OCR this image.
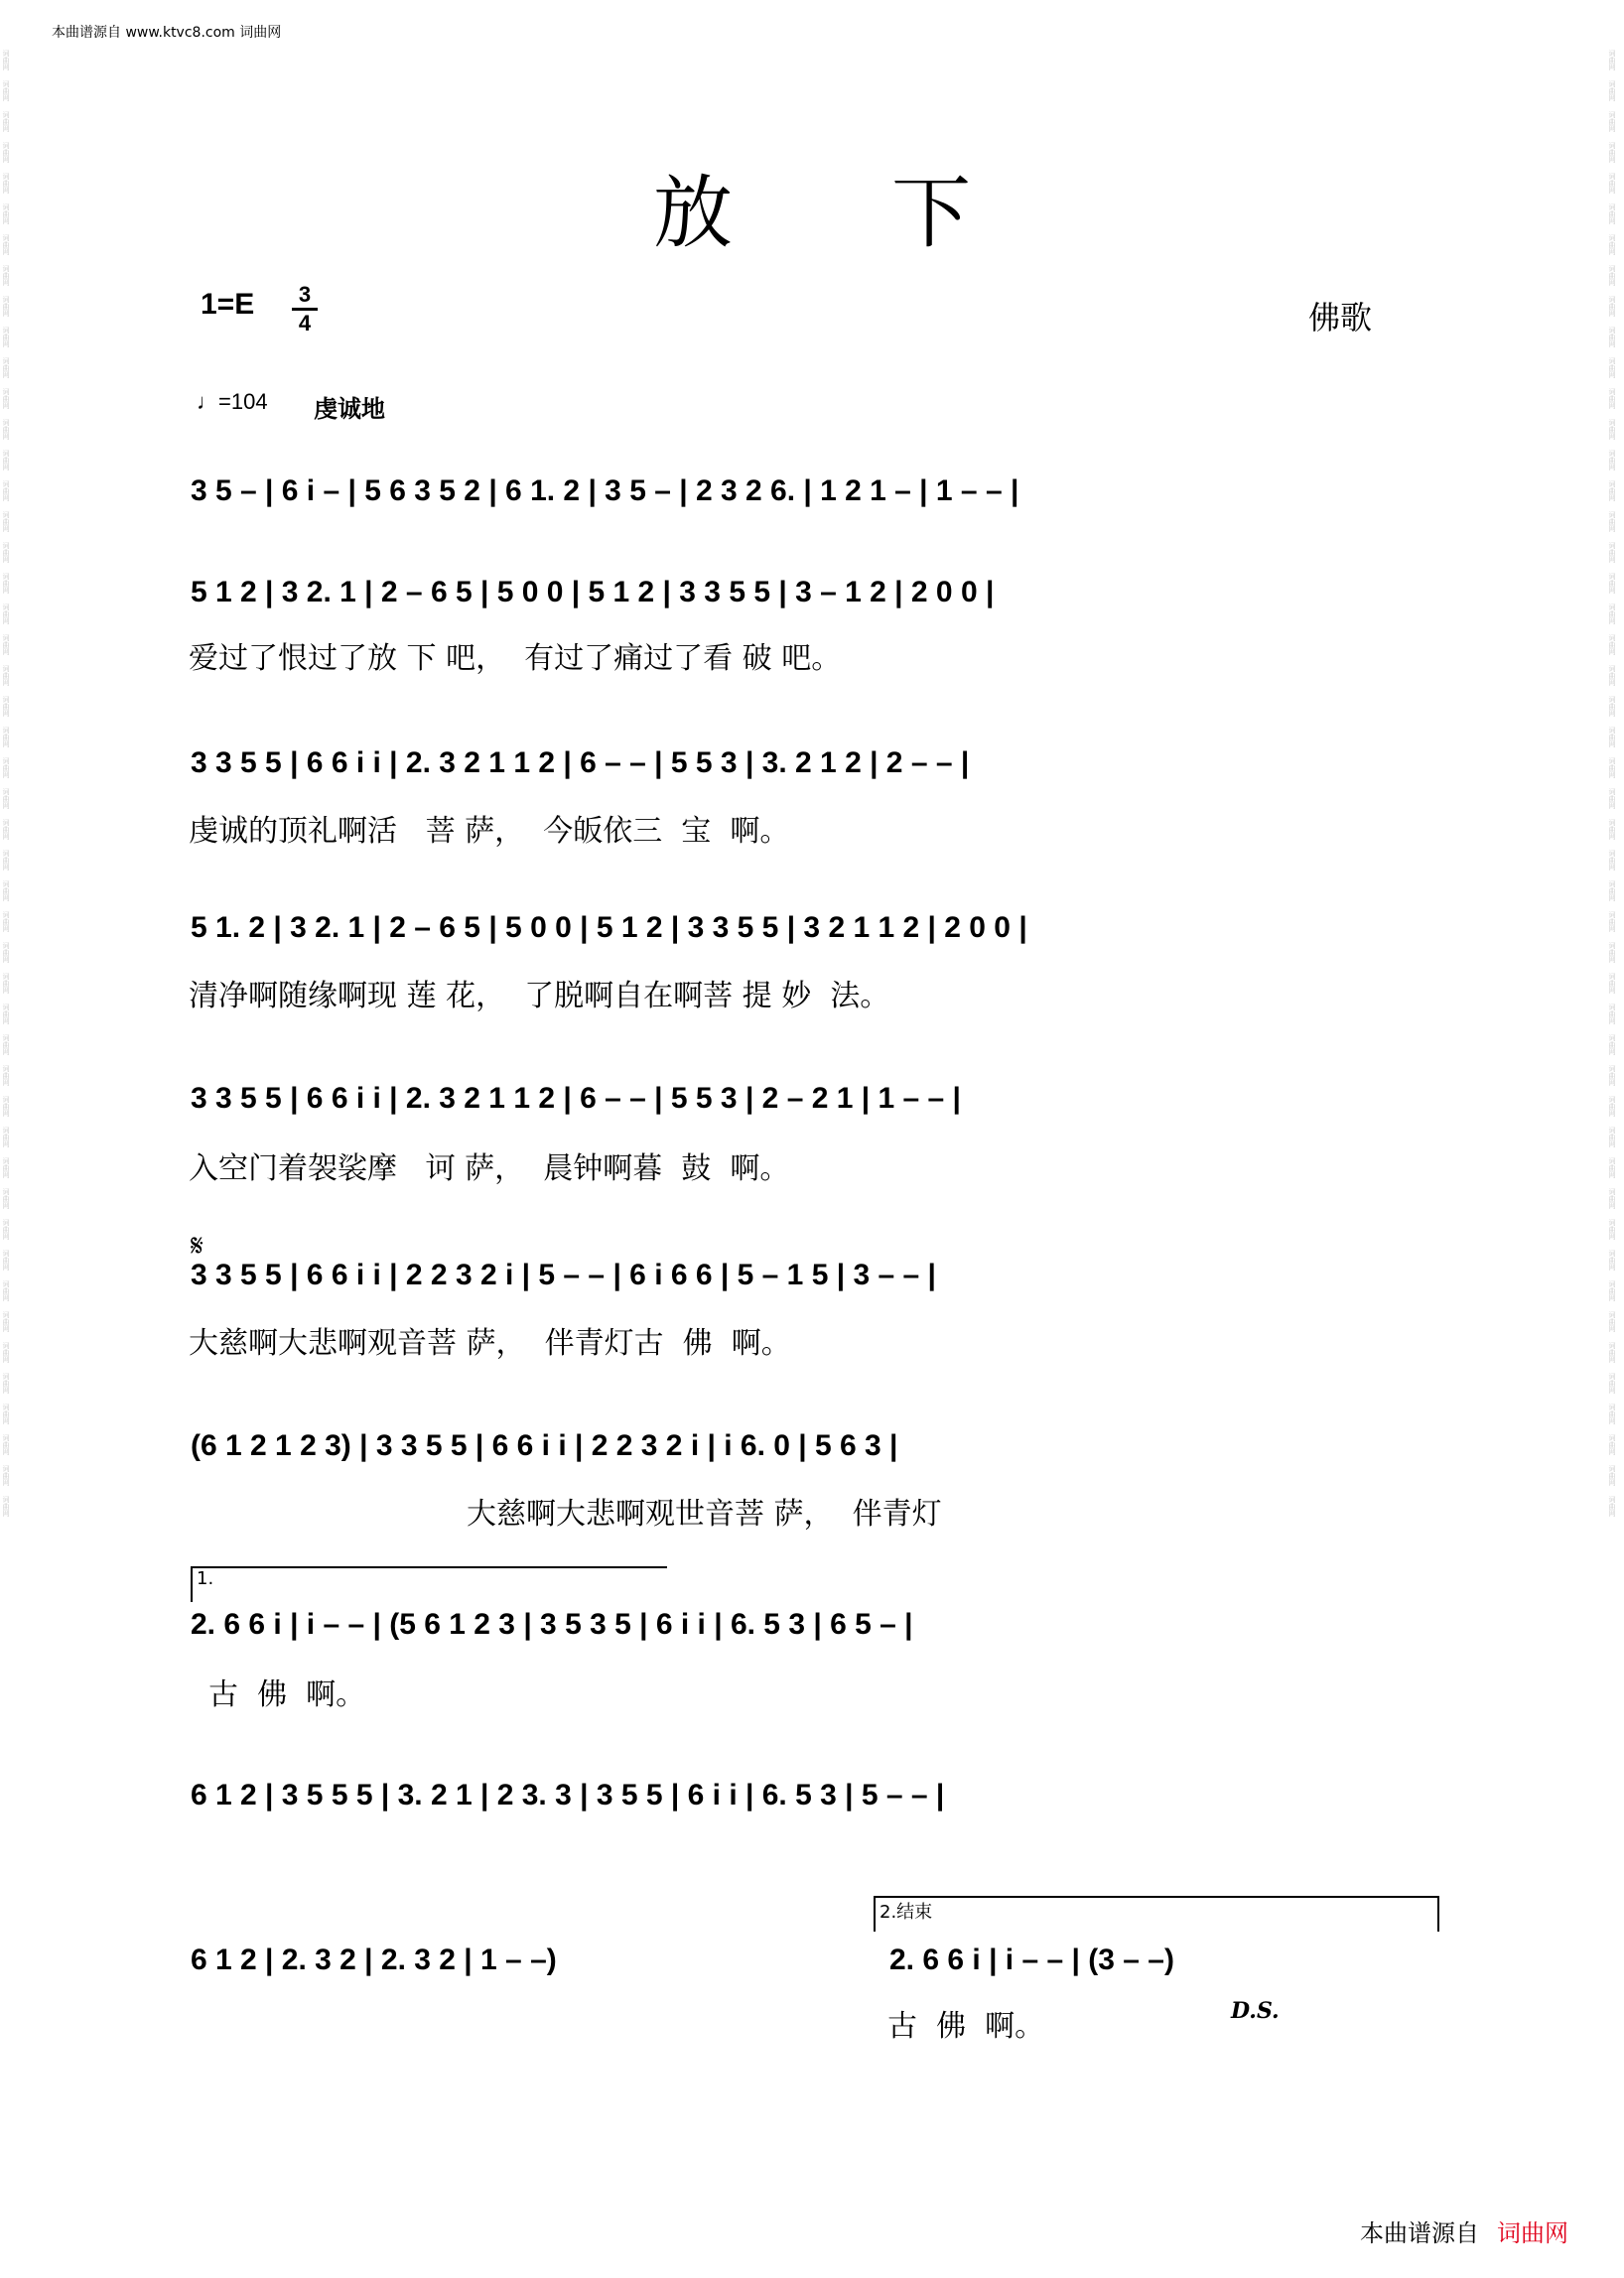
本曲谱源自 www.ktvc8.com 词曲网
词曲网
词曲网
词曲网
词曲网
词曲网
词曲网
词曲网
词曲网
词曲网
词曲网
词曲网
词曲网
词曲网
词曲网
词曲网
词曲网
词曲网
词曲网
词曲网
词曲网
词曲网
词曲网
词曲网
词曲网
词曲网
词曲网
词曲网
词曲网
词曲网
词曲网
词曲网
词曲网
词曲网
词曲网
词曲网
词曲网
词曲网
词曲网
词曲网
词曲网
词曲网
词曲网
词曲网
词曲网
词曲网
词曲网
词曲网
词曲网
词曲网
词曲网
词曲网
词曲网
词曲网
词曲网
词曲网
词曲网
词曲网
词曲网
词曲网
词曲网
词曲网
词曲网
词曲网
词曲网
词曲网
词曲网
词曲网
词曲网
词曲网
词曲网
词曲网
词曲网
词曲网
词曲网
词曲网
词曲网
词曲网
词曲网
词曲网
词曲网
词曲网
词曲网
词曲网
词曲网
词曲网
词曲网
词曲网
词曲网
词曲网
词曲网
词曲网
词曲网
词曲网
词曲网
词曲网
词曲网
放下
1=E	3
4	佛歌
♩=104 虔诚地
3 5 – | 6 i – | 5 6 3 5 2 | 6 1. 2 | 3 5 – | 2 3 2 6. | 1 2 1 – | 1 – – |
5 1 2 | 3 2. 1 | 2 – 6 5 | 5 0 0 | 5 1 2 | 3 3 5 5 | 3 – 1 2 | 2 0 0 |
爱过了恨过了放 下 吧，  有过了痛过了看 破 吧。
3 3 5 5 | 6 6 i i | 2. 3 2 1 1 2 | 6 – – | 5 5 3 | 3. 2 1 2 | 2 – – |
虔诚的顶礼啊活   菩 萨，  今皈依三  宝  啊。
5 1. 2 | 3 2. 1 | 2 – 6 5 | 5 0 0 | 5 1 2 | 3 3 5 5 | 3 2 1 1 2 | 2 0 0 |
清净啊随缘啊现 莲 花，  了脱啊自在啊菩 提 妙  法。
3 3 5 5 | 6 6 i i | 2. 3 2 1 1 2 | 6 – – | 5 5 3 | 2 – 2 1 | 1 – – |
入空门着袈裟摩   诃 萨，  晨钟啊暮  鼓  啊。
𝄋
3 3 5 5 | 6 6 i i | 2 2 3 2 i | 5 – – | 6 i 6 6 | 5 – 1 5 | 3 – – |
大慈啊大悲啊观音菩 萨，  伴青灯古  佛  啊。
(6 1 2 1 2 3) | 3 3 5 5 | 6 6 i i | 2 2 3 2 i | i 6. 0 | 5 6 3 |
大慈啊大悲啊观世音菩 萨，  伴青灯
1.
2. 6 6 i | i – – | (5 6 1 2 3 | 3 5 3 5 | 6 i i | 6. 5 3 | 6 5 – |
古  佛  啊。
6 1 2 | 3 5 5 5 | 3. 2 1 | 2 3. 3 | 3 5 5 | 6 i i | 6. 5 3 | 5 – – |
6 1 2 | 2. 3 2 | 2. 3 2 | 1 – –)
2.结束
2. 6 6 i | i – – | (3 – –)
古  佛  啊。	D.S.
本曲谱源自 词曲网
